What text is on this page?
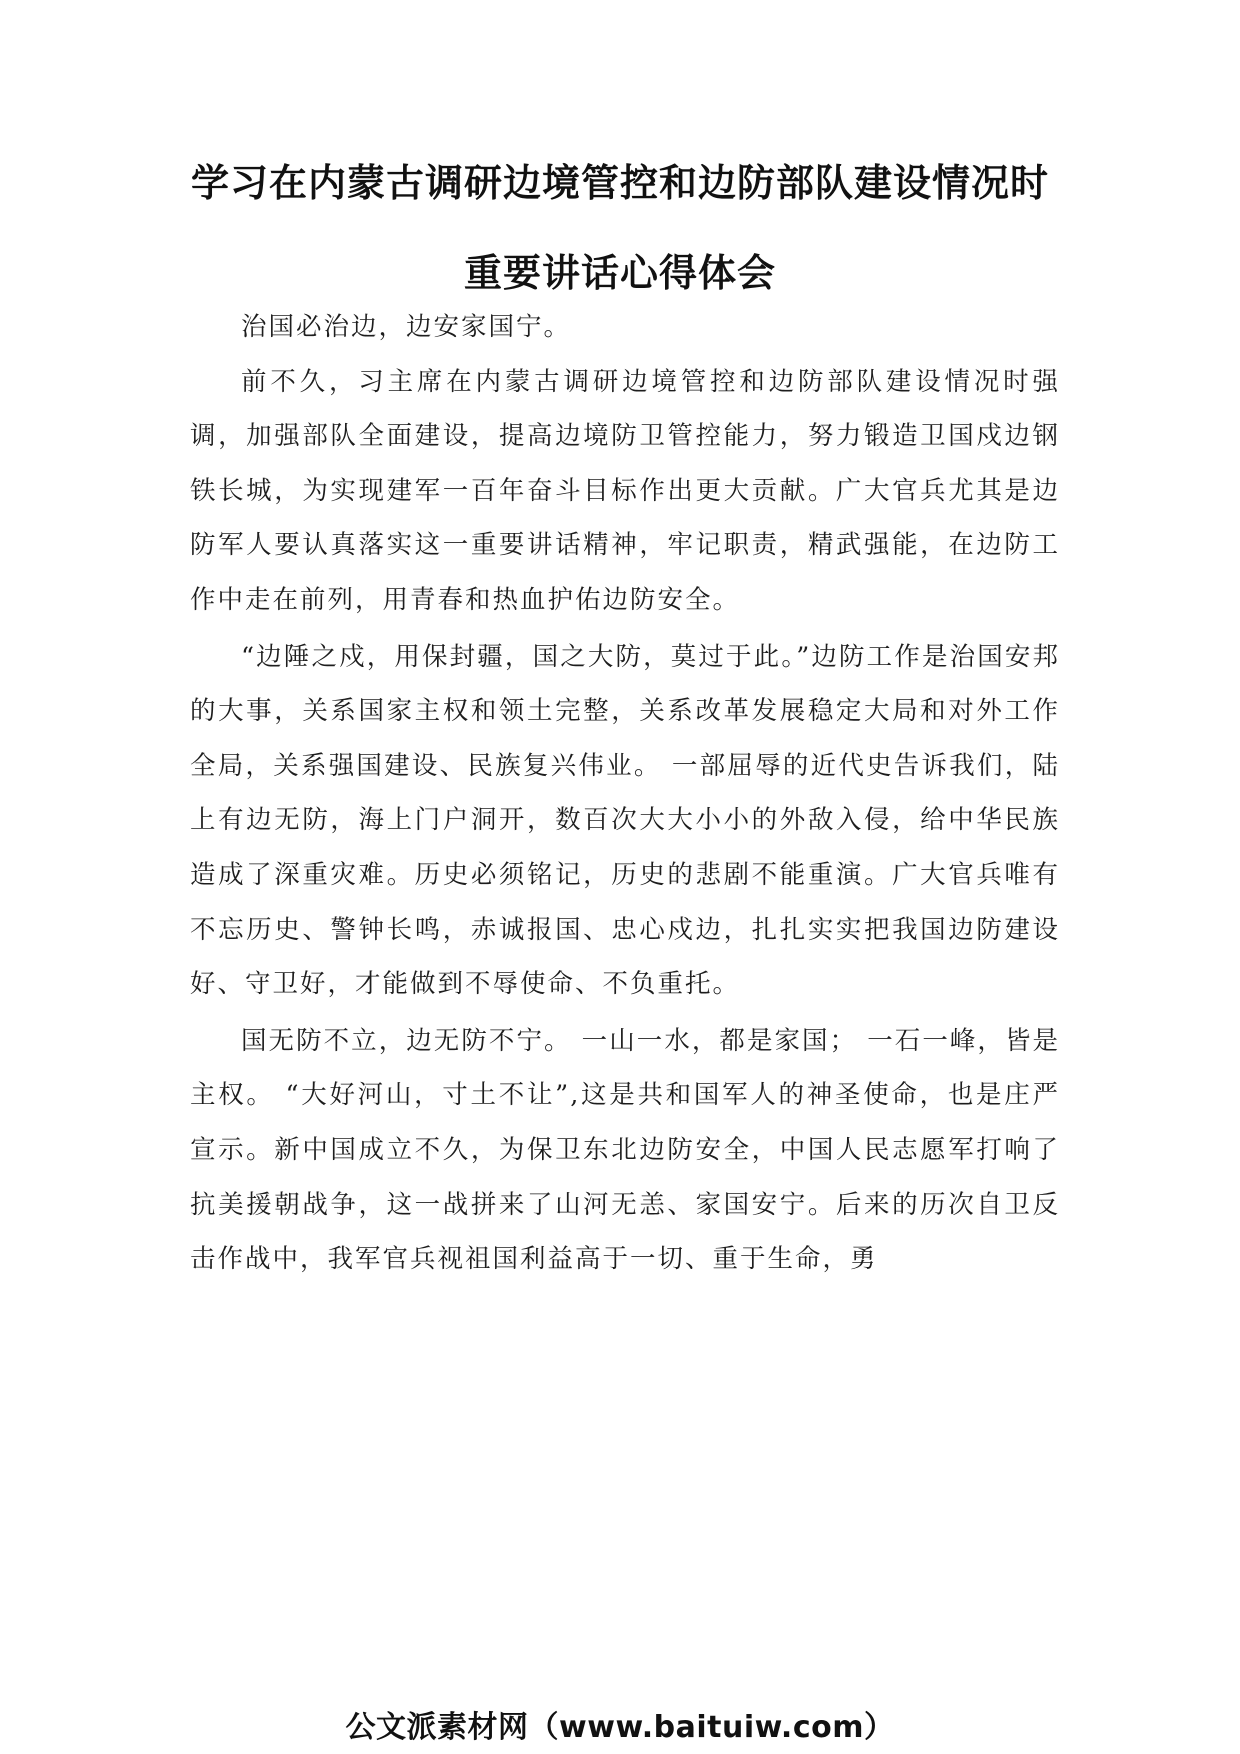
学习在内蒙古调研边境管控和边防部队建设情况时
重要讲话心得体会

治国必治边，边安家国宁。

前不久，习主席在内蒙古调研边境管控和边防部队建设情况时强调，加强部队全面建设，提高边境防卫管控能力，努力锻造卫国戍边钢铁长城，为实现建军一百年奋斗目标作出更大贡献。广大官兵尤其是边防军人要认真落实这一重要讲话精神，牢记职责，精武强能，在边防工作中走在前列，用青春和热血护佑边防安全。

“边陲之戍，用保封疆，国之大防，莫过于此。”边防工作是治国安邦的大事，关系国家主权和领土完整，关系改革发展稳定大局和对外工作全局，关系强国建设、民族复兴伟业。 一部屈辱的近代史告诉我们，陆上有边无防，海上门户洞开，数百次大大小小的外敌入侵，给中华民族造成了深重灾难。历史必须铭记，历史的悲剧不能重演。广大官兵唯有不忘历史、警钟长鸣，赤诚报国、忠心戍边，扎扎实实把我国边防建设好、守卫好，才能做到不辱使命、不负重托。

国无防不立，边无防不宁。 一山一水，都是家国； 一石一峰，皆是主权。 “大好河山，寸土不让”,这是共和国军人的神圣使命，也是庄严宣示。新中国成立不久，为保卫东北边防安全，中国人民志愿军打响了抗美援朝战争，这一战拼来了山河无恙、家国安宁。后来的历次自卫反击作战中，我军官兵视祖国利益高于一切、重于生命，勇

公文派素材网（www.baituiw.com）
